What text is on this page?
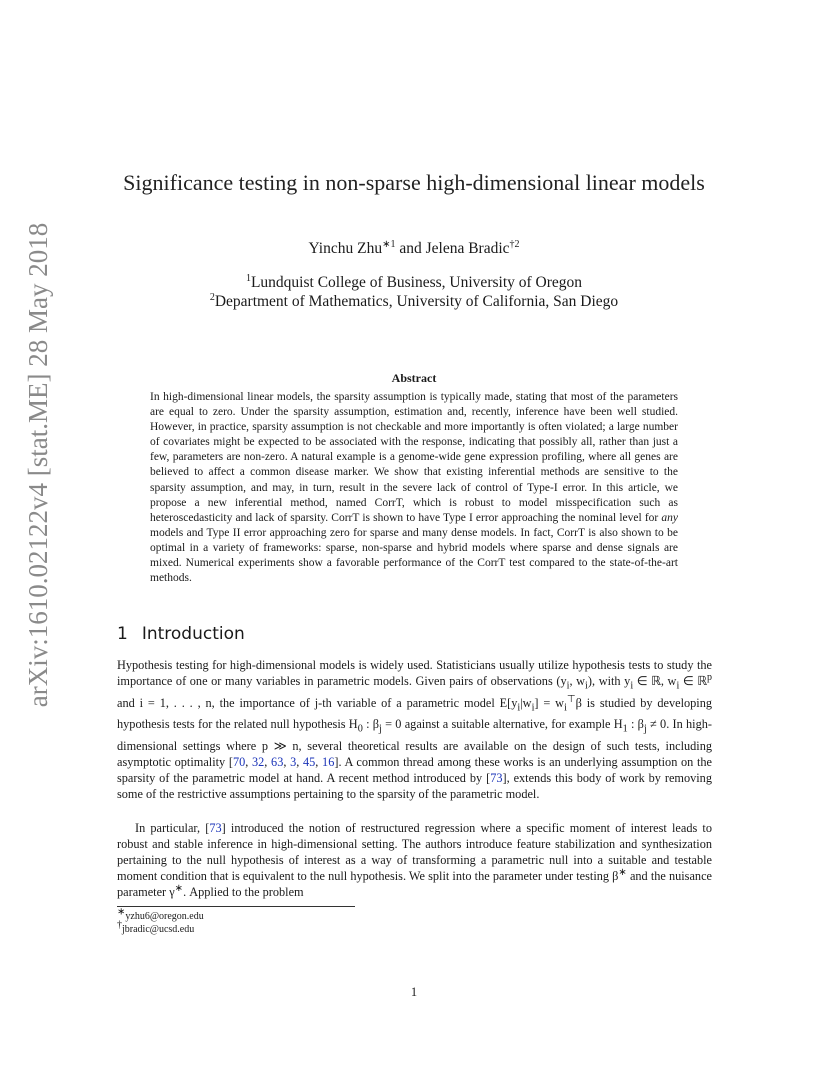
arXiv:1610.02122v4 [stat.ME] 28 May 2018
Significance testing in non-sparse high-dimensional linear models
Yinchu Zhu$^{∗1}$ and Jelena Bradic$^{\dagger 2}$
$^1$Lundquist College of Business, University of Oregon
$^2$Department of Mathematics, University of California, San Diego
Abstract
In high-dimensional linear models, the sparsity assumption is typically made, stating that most of the parameters are equal to zero. Under the sparsity assumption, estimation and, recently, inference have been well studied. However, in practice, sparsity assumption is not checkable and more importantly is often violated; a large number of covariates might be expected to be associated with the response, indicating that possibly all, rather than just a few, parameters are non-zero. A natural example is a genome-wide gene expression profiling, where all genes are believed to affect a common disease marker. We show that existing inferential methods are sensitive to the sparsity assumption, and may, in turn, result in the severe lack of control of Type-I error. In this article, we propose a new inferential method, named CorrT, which is robust to model misspecification such as heteroscedasticity and lack of sparsity. CorrT is shown to have Type I error approaching the nominal level for any models and Type II error approaching zero for sparse and many dense models. In fact, CorrT is also shown to be optimal in a variety of frameworks: sparse, non-sparse and hybrid models where sparse and dense signals are mixed. Numerical experiments show a favorable performance of the CorrT test compared to the state-of-the-art methods.
1 Introduction
Hypothesis testing for high-dimensional models is widely used. Statisticians usually utilize hypothesis tests to study the importance of one or many variables in parametric models. Given pairs of observations ($y_i$, $w_i$), with $y_i$ ∈ ℝ, $w_i$ ∈ ℝ$^p$ and i = 1, . . . , n, the importance of j-th variable of a parametric model $E[y_i|w_i] = w_i^⊤\beta$ is studied by developing hypothesis tests for the related null hypothesis $H_0$ : $\beta_j = 0$ against a suitable alternative, for example $H_1$ : $\beta_j \ne 0$. In high-dimensional settings where p ≫ n, several theoretical results are available on the design of such tests, including asymptotic optimality [70, 32, 63, 3, 45, 16]. A common thread among these works is an underlying assumption on the sparsity of the parametric model at hand. A recent method introduced by [73], extends this body of work by removing some of the restrictive assumptions pertaining to the sparsity of the parametric model.
In particular, [73] introduced the notion of restructured regression where a specific moment of interest leads to robust and stable inference in high-dimensional setting. The authors introduce feature stabilization and synthesization pertaining to the null hypothesis of interest as a way of transforming a parametric null into a suitable and testable moment condition that is equivalent to the null hypothesis. We split into the parameter under testing β∗ and the nuisance parameter γ∗. Applied to the problem
∗yzhu6@oregon.edu
†jbradic@ucsd.edu
1
